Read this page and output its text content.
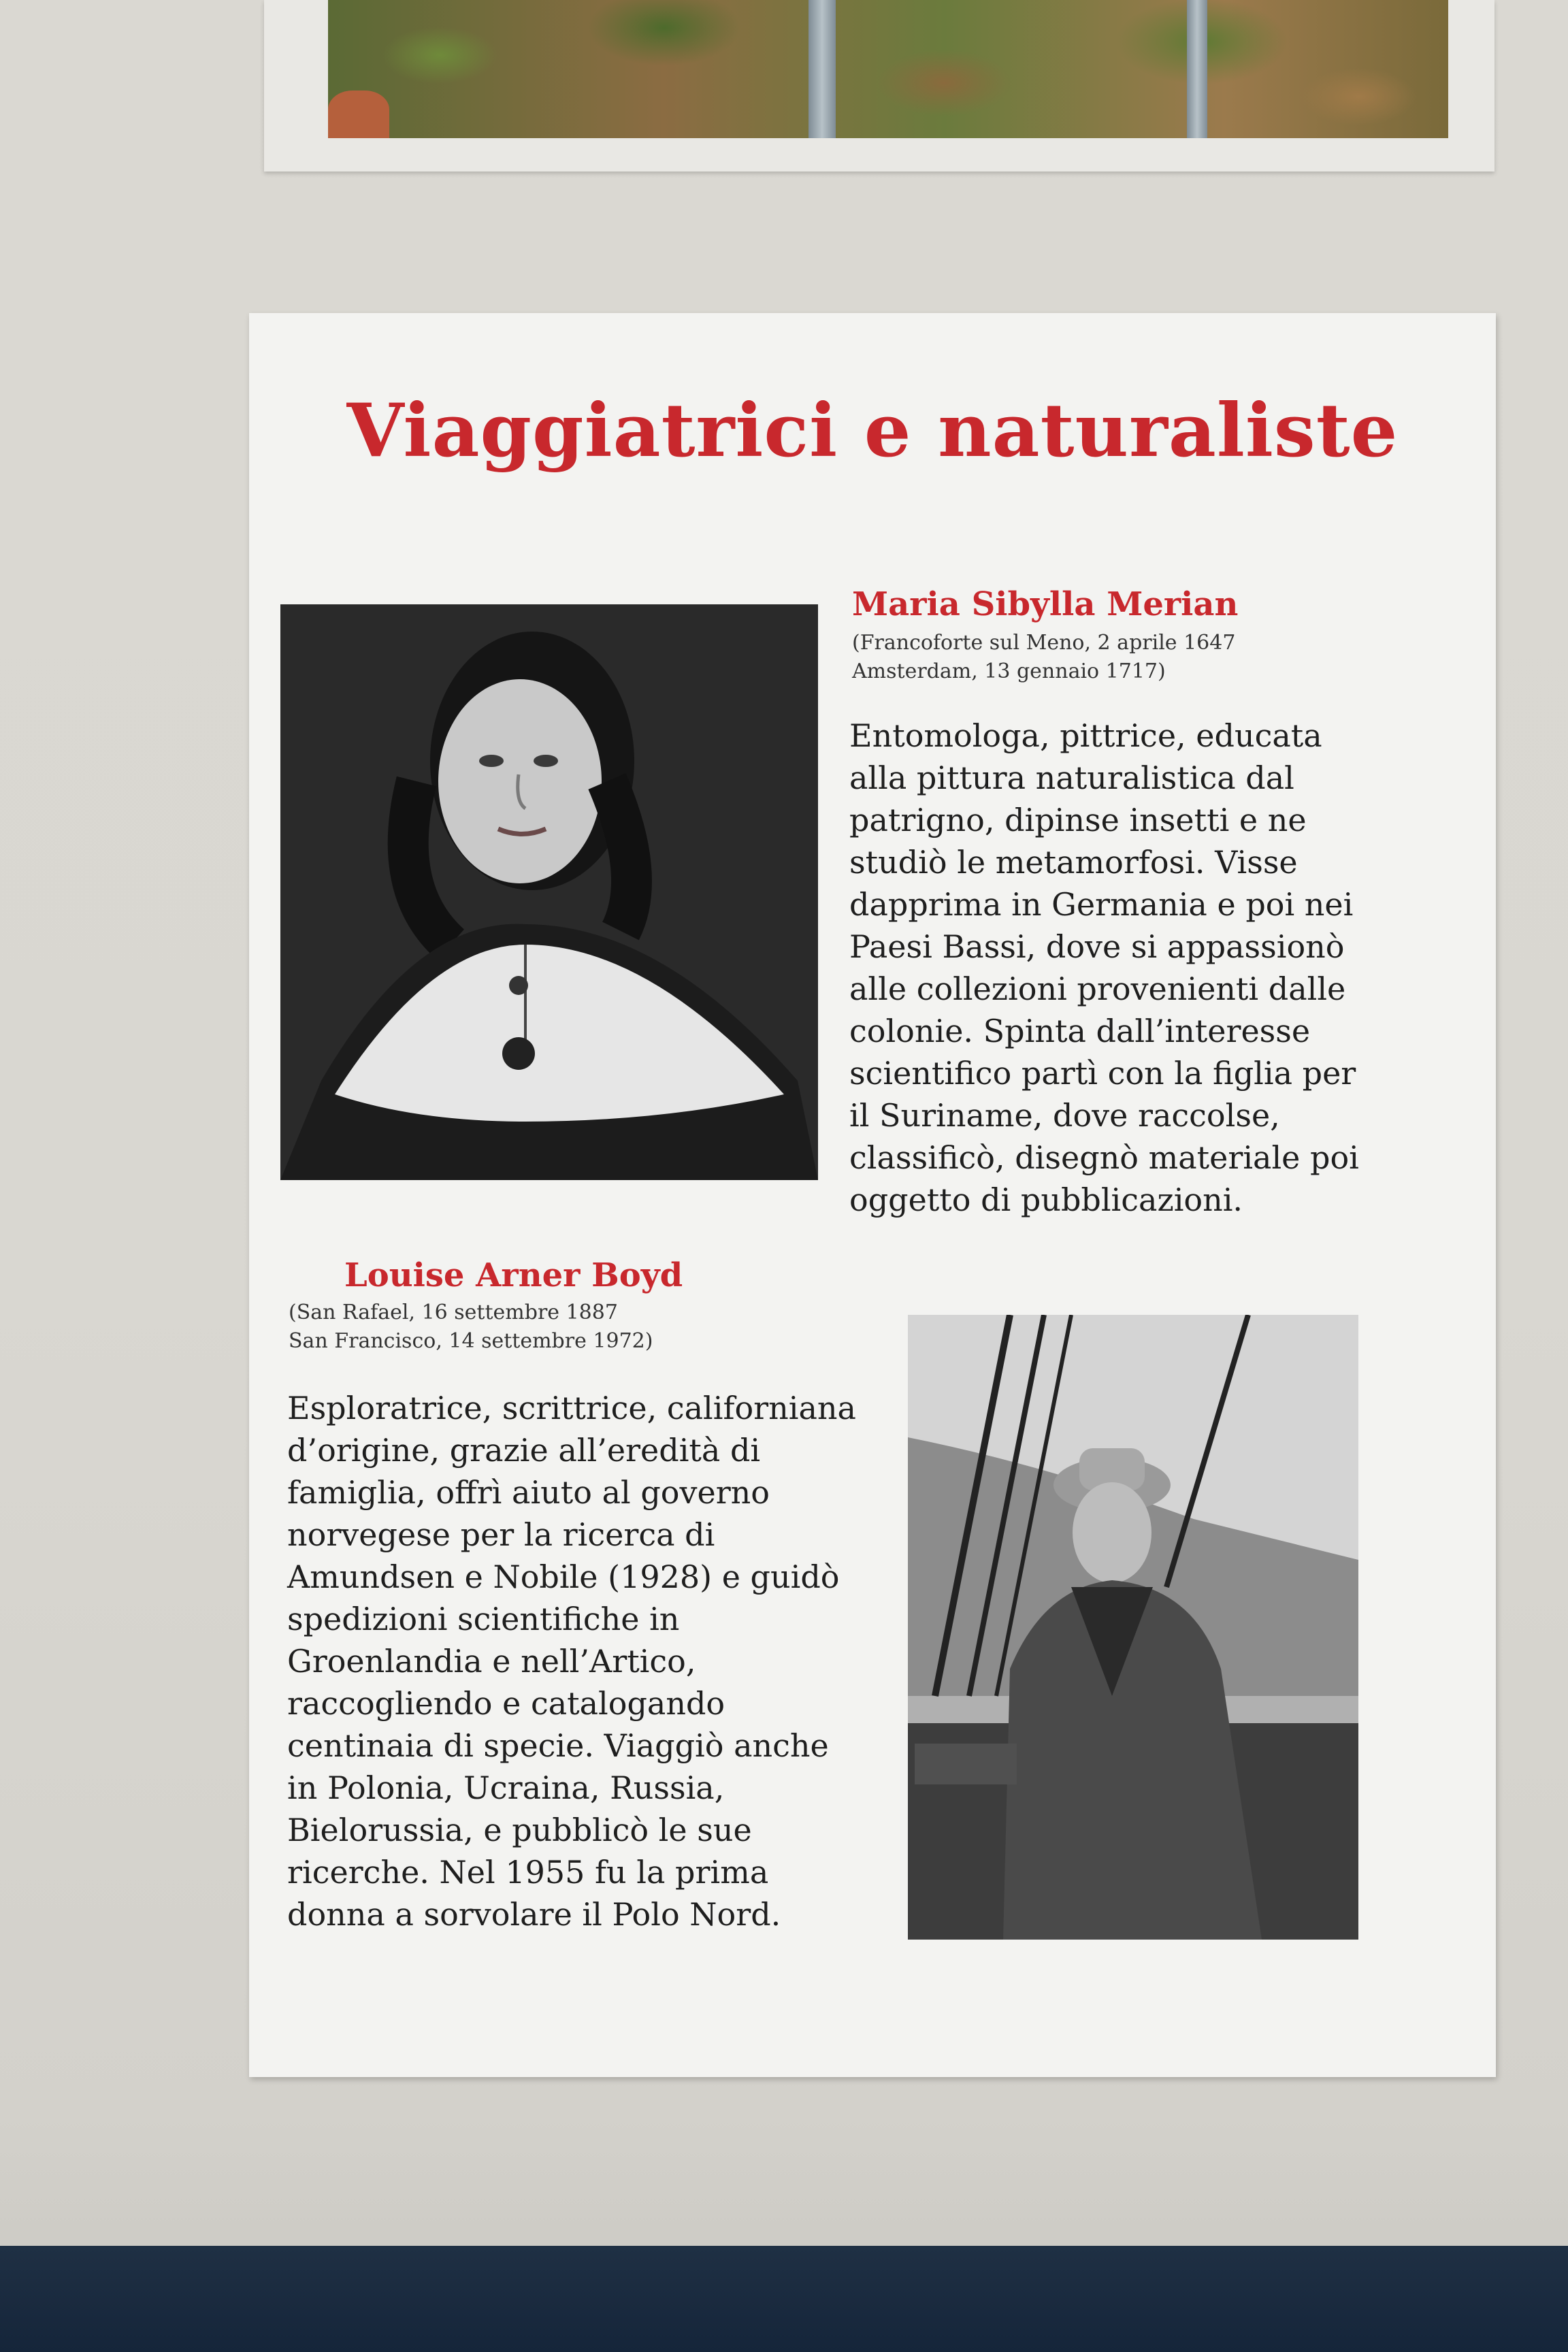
Viaggiatrici e naturaliste
Maria Sibylla Merian

(Francoforte sul Meno, 2 aprile 1647
Amsterdam, 13 gennaio 1717)

Entomologa, pittrice, educata
alla pittura naturalistica dal
patrigno, dipinse insetti e ne
studiò le metamorfosi. Visse
dapprima in Germania e poi nei
Paesi Bassi, dove si appassionò
alle collezioni provenienti dalle
colonie. Spinta dall’interesse
scientifico partì con la figlia per
il Suriname, dove raccolse,
classificò, disegnò materiale poi
oggetto di pubblicazioni.

Louise Arner Boyd

(San Rafael, 16 settembre 1887
San Francisco, 14 settembre 1972)

Esploratrice, scrittrice, californiana
d’origine, grazie all’eredità di
famiglia, offrì aiuto al governo
norvegese per la ricerca di
Amundsen e Nobile (1928) e guidò
spedizioni scientifiche in
Groenlandia e nell’Artico,
raccogliendo e catalogando
centinaia di specie. Viaggiò anche
in Polonia, Ucraina, Russia,
Bielorussia, e pubblicò le sue
ricerche. Nel 1955 fu la prima
donna a sorvolare il Polo Nord.
